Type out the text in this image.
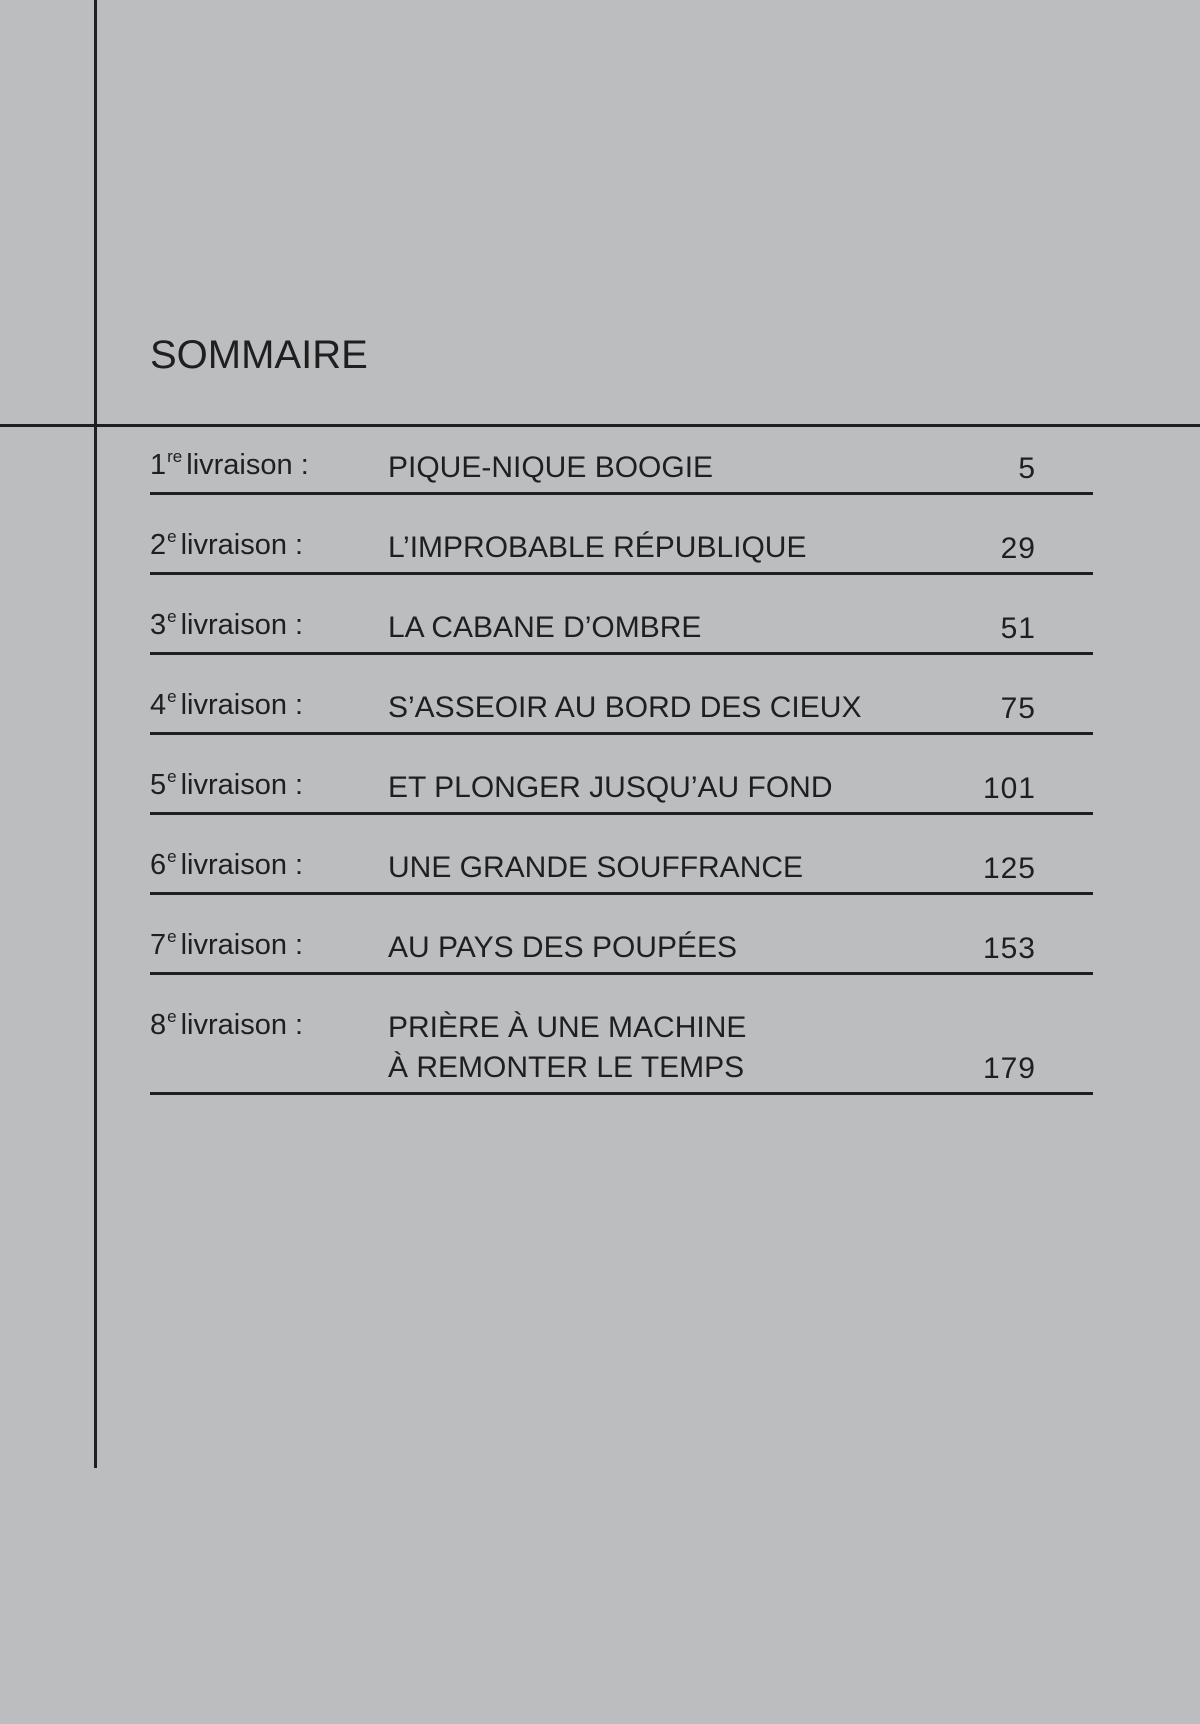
SOMMAIRE
1re livraison :	PIQUE-NIQUE BOOGIE	5
2e livraison :	L’IMPROBABLE RÉPUBLIQUE	29
3e livraison :	LA CABANE D’OMBRE	51
4e livraison :	S’ASSEOIR AU BORD DES CIEUX	75
5e livraison :	ET PLONGER JUSQU’AU FOND	101
6e livraison :	UNE GRANDE SOUFFRANCE	125
7e livraison :	AU PAYS DES POUPÉES	153
8e livraison :	PRIÈRE À UNE MACHINE
À REMONTER LE TEMPS	179
